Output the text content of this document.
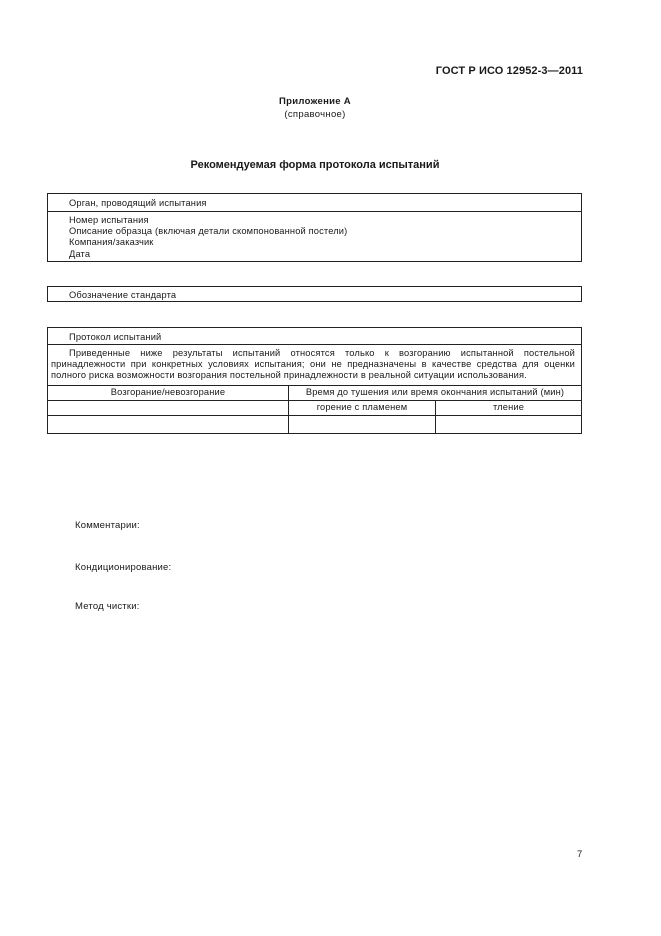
ГОСТ Р ИСО 12952-3—2011
Приложение А
(справочное)
Рекомендуемая форма протокола испытаний
Орган, проводящий испытания
Номер испытания
Описание образца (включая детали скомпонованной постели)
Компания/заказчик
Дата
Обозначение стандарта
Протокол испытаний
Приведенные ниже результаты испытаний относятся только к возгоранию испытанной постельной принадлежности при конкретных условиях испытания; они не предназначены в качестве средства для оценки полного риска возможности возгорания постельной принадлежности в реальной ситуации использования.
Возгорание/невозгорание	Время до тушения или время окончания испытаний (мин)	
	горение с пламенем	тление

Комментарии:
Кондиционирование:
Метод чистки:
7
